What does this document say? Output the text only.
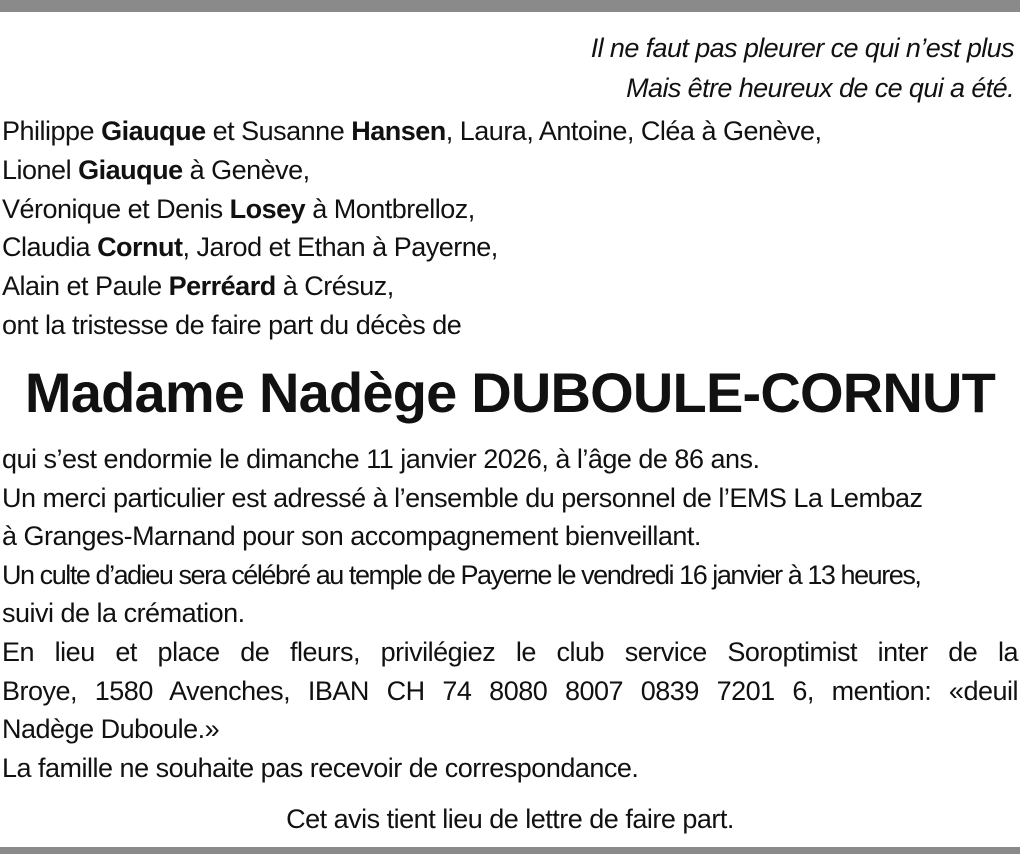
Il ne faut pas pleurer ce qui n’est plus
Mais être heureux de ce qui a été.
Philippe Giauque et Susanne Hansen, Laura, Antoine, Cléa à Genève,
Lionel Giauque à Genève,
Véronique et Denis Losey à Montbrelloz,
Claudia Cornut, Jarod et Ethan à Payerne,
Alain et Paule Perréard à Crésuz,
ont la tristesse de faire part du décès de
Madame Nadège DUBOULE-CORNUT
qui s’est endormie le dimanche 11 janvier 2026, à l’âge de 86 ans.
Un merci particulier est adressé à l’ensemble du personnel de l’EMS La Lembaz
à Granges-Marnand pour son accompagnement bienveillant.
Un culte d’adieu sera célébré au temple de Payerne le vendredi 16 janvier à 13 heures,
suivi de la crémation.
En lieu et place de fleurs, privilégiez le club service Soroptimist inter de la
Broye, 1580 Avenches, IBAN CH 74 8080 8007 0839 7201 6, mention: «deuil
Nadège Duboule.»
La famille ne souhaite pas recevoir de correspondance.
Cet avis tient lieu de lettre de faire part.
